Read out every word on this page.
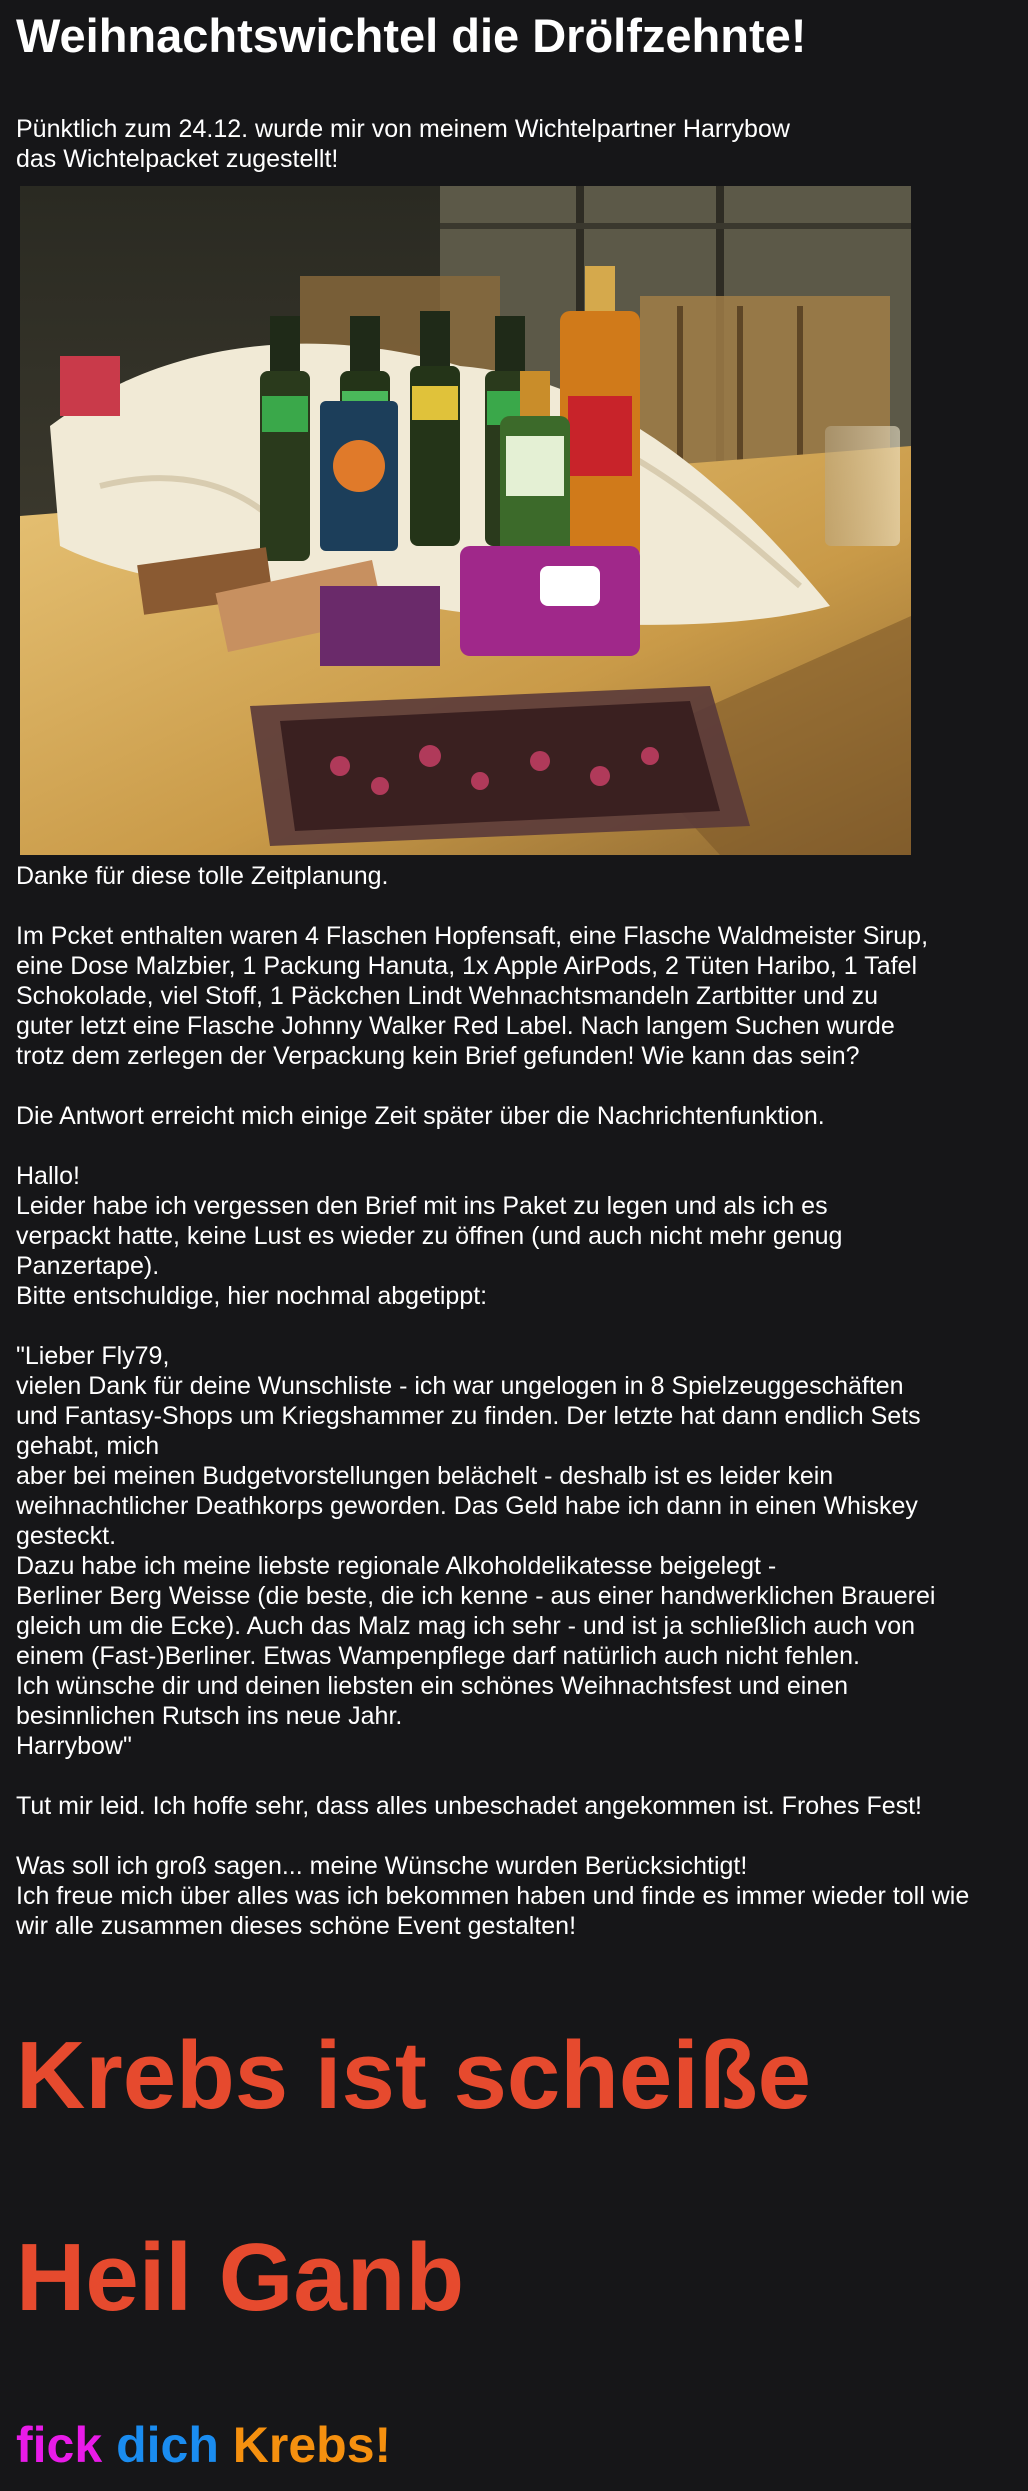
Weihnachtswichtel die Drölfzehnte!
Pünktlich zum 24.12. wurde mir von meinem Wichtelpartner Harrybow
das Wichtelpacket zugestellt!

Danke für diese tolle Zeitplanung.

Im Pcket enthalten waren 4 Flaschen Hopfensaft, eine Flasche Waldmeister Sirup,
eine Dose Malzbier, 1 Packung Hanuta, 1x Apple AirPods, 2 Tüten Haribo, 1 Tafel
Schokolade, viel Stoff, 1 Päckchen Lindt Wehnachtsmandeln Zartbitter und zu
guter letzt eine Flasche Johnny Walker Red Label. Nach langem Suchen wurde
trotz dem zerlegen der Verpackung kein Brief gefunden! Wie kann das sein?

Die Antwort erreicht mich einige Zeit später über die Nachrichtenfunktion.

Hallo!
Leider habe ich vergessen den Brief mit ins Paket zu legen und als ich es
verpackt hatte, keine Lust es wieder zu öffnen (und auch nicht mehr genug
Panzertape).
Bitte entschuldige, hier nochmal abgetippt:

"Lieber Fly79,
vielen Dank für deine Wunschliste - ich war ungelogen in 8 Spielzeuggeschäften
und Fantasy-Shops um Kriegshammer zu finden. Der letzte hat dann endlich Sets
gehabt, mich
aber bei meinen Budgetvorstellungen belächelt - deshalb ist es leider kein
weihnachtlicher Deathkorps geworden. Das Geld habe ich dann in einen Whiskey
gesteckt.
Dazu habe ich meine liebste regionale Alkoholdelikatesse beigelegt -
Berliner Berg Weisse (die beste, die ich kenne - aus einer handwerklichen Brauerei
gleich um die Ecke). Auch das Malz mag ich sehr - und ist ja schließlich auch von
einem (Fast-)Berliner. Etwas Wampenpflege darf natürlich auch nicht fehlen.
Ich wünsche dir und deinen liebsten ein schönes Weihnachtsfest und einen
besinnlichen Rutsch ins neue Jahr.
Harrybow"

Tut mir leid. Ich hoffe sehr, dass alles unbeschadet angekommen ist. Frohes Fest!

Was soll ich groß sagen... meine Wünsche wurden Berücksichtigt!
Ich freue mich über alles was ich bekommen haben und finde es immer wieder toll wie
wir alle zusammen dieses schöne Event gestalten!

Krebs ist scheiße

Heil Ganb

fick dich Krebs!
